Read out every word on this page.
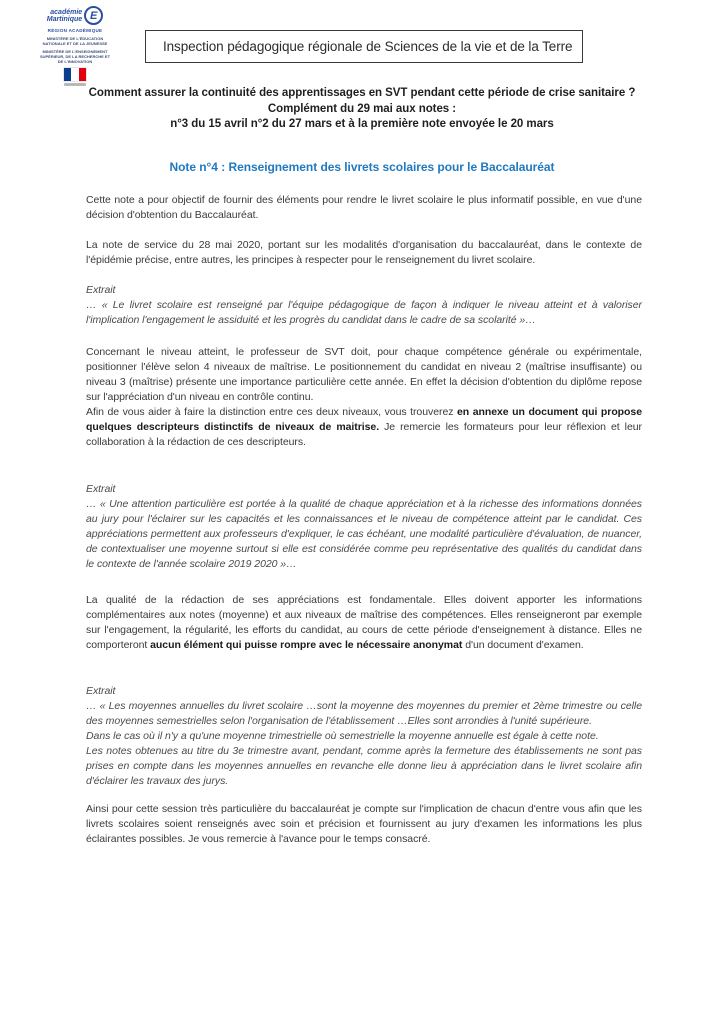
académie
Martinique E
RÉGION ACADÉMIQUE
MINISTÈRE DE L'ÉDUCATION NATIONALE ET DE LA JEUNESSE
MINISTÈRE DE L'ENSEIGNEMENT SUPÉRIEUR, DE LA RECHERCHE ET DE L'INNOVATION
Inspection pédagogique régionale de Sciences de la vie et de la Terre
Comment assurer la continuité des apprentissages en SVT pendant cette période de crise sanitaire ?
Complément du 29 mai aux notes :
n°3 du 15 avril n°2 du 27 mars et à la première note envoyée le 20 mars
Note n°4 : Renseignement des livrets scolaires pour le Baccalauréat

Cette note a pour objectif de fournir des éléments pour rendre le livret scolaire le plus informatif possible, en vue d'une décision d'obtention du Baccalauréat.

La note de service du 28 mai 2020, portant sur les modalités d'organisation du baccalauréat, dans le contexte de l'épidémie précise, entre autres, les principes à respecter pour le renseignement du livret scolaire.

Extrait

… « Le livret scolaire est renseigné par l'équipe pédagogique de façon à indiquer le niveau atteint et à valoriser l'implication l'engagement le assiduité et les progrès du candidat dans le cadre de sa scolarité »…

Concernant le niveau atteint, le professeur de SVT doit, pour chaque compétence générale ou expérimentale, positionner l'élève selon 4 niveaux de maîtrise. Le positionnement du candidat en niveau 2 (maîtrise insuffisante) ou niveau 3 (maîtrise) présente une importance particulière cette année. En effet la décision d'obtention du diplôme repose sur l'appréciation d'un niveau en contrôle continu.

Afin de vous aider à faire la distinction entre ces deux niveaux, vous trouverez en annexe un document qui propose quelques descripteurs distinctifs de niveaux de maitrise. Je remercie les formateurs pour leur réflexion et leur collaboration à la rédaction de ces descripteurs.

Extrait

… « Une attention particulière est portée à la qualité de chaque appréciation et à la richesse des informations données au jury pour l'éclairer sur les capacités et les connaissances et le niveau de compétence atteint par le candidat. Ces appréciations permettent aux professeurs d'expliquer, le cas échéant, une modalité particulière d'évaluation, de nuancer, de contextualiser une moyenne surtout si elle est considérée comme peu représentative des qualités du candidat dans le contexte de l'année scolaire 2019 2020 »…

La qualité de la rédaction de ses appréciations est fondamentale. Elles doivent apporter les informations complémentaires aux notes (moyenne) et aux niveaux de maîtrise des compétences. Elles renseigneront par exemple sur l'engagement, la régularité, les efforts du candidat, au cours de cette période d'enseignement à distance. Elles ne comporteront aucun élément qui puisse rompre avec le nécessaire anonymat d'un document d'examen.

Extrait

… « Les moyennes annuelles du livret scolaire …sont la moyenne des moyennes du premier et 2ème trimestre ou celle des moyennes semestrielles selon l'organisation de l'établissement …Elles sont arrondies à l'unité supérieure.

Dans le cas où il n'y a qu'une moyenne trimestrielle où semestrielle la moyenne annuelle est égale à cette note.

Les notes obtenues au titre du 3e trimestre avant, pendant, comme après la fermeture des établissements ne sont pas prises en compte dans les moyennes annuelles en revanche elle donne lieu à appréciation dans le livret scolaire afin d'éclairer les travaux des jurys.

Ainsi pour cette session très particulière du baccalauréat je compte sur l'implication de chacun d'entre vous afin que les livrets scolaires soient renseignés avec soin et précision et fournissent au jury d'examen les informations les plus éclairantes possibles. Je vous remercie à l'avance pour le temps consacré.
